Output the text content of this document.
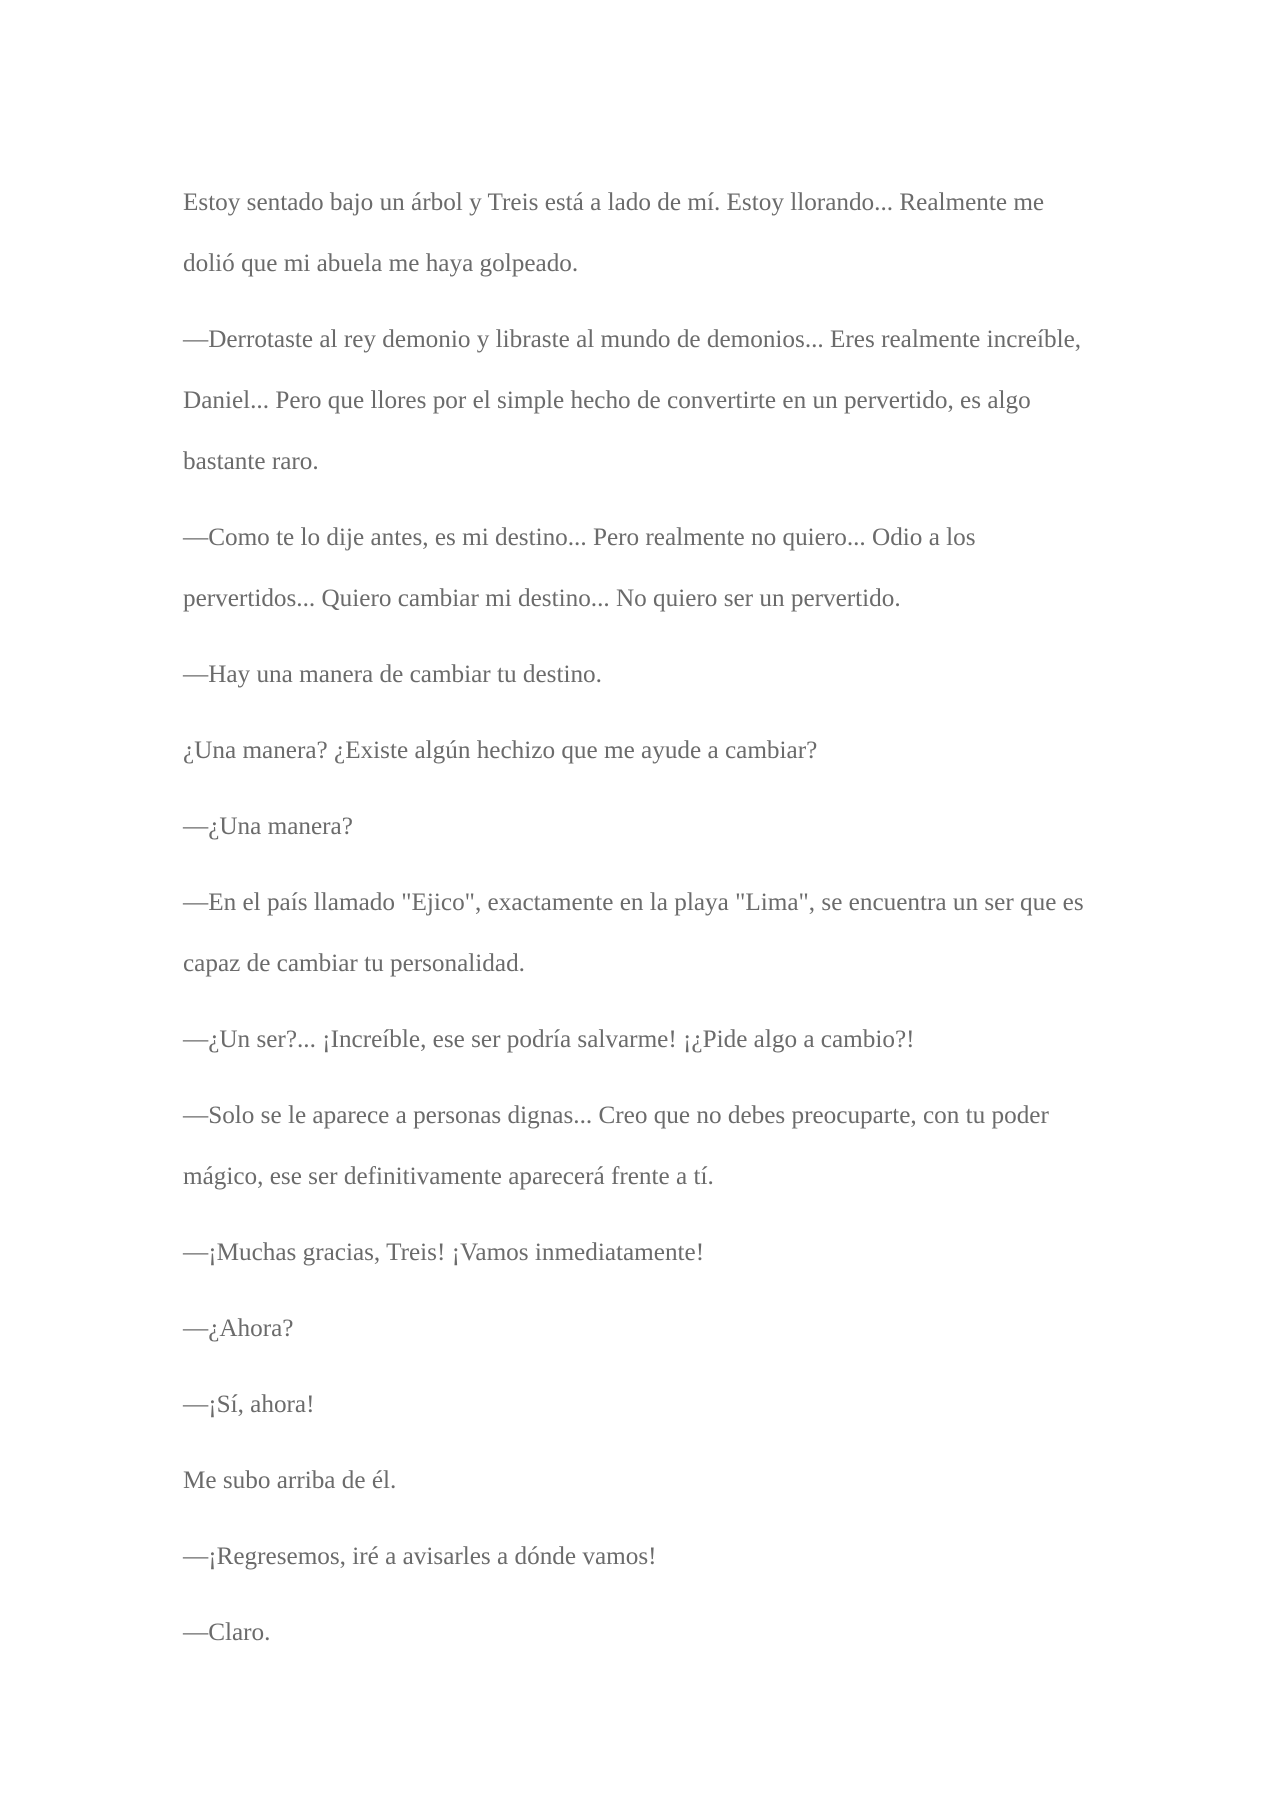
Estoy sentado bajo un árbol y Treis está a lado de mí. Estoy llorando... Realmente me dolió que mi abuela me haya golpeado.

—Derrotaste al rey demonio y libraste al mundo de demonios... Eres realmente increíble, Daniel... Pero que llores por el simple hecho de convertirte en un pervertido, es algo bastante raro.

—Como te lo dije antes, es mi destino... Pero realmente no quiero... Odio a los pervertidos... Quiero cambiar mi destino... No quiero ser un pervertido.

—Hay una manera de cambiar tu destino.

¿Una manera? ¿Existe algún hechizo que me ayude a cambiar?

—¿Una manera?

—En el país llamado "Ejico", exactamente en la playa "Lima", se encuentra un ser que es capaz de cambiar tu personalidad.

—¿Un ser?... ¡Increíble, ese ser podría salvarme! ¡¿Pide algo a cambio?!

—Solo se le aparece a personas dignas... Creo que no debes preocuparte, con tu poder mágico, ese ser definitivamente aparecerá frente a tí.

—¡Muchas gracias, Treis! ¡Vamos inmediatamente!

—¿Ahora?

—¡Sí, ahora!

Me subo arriba de él.

—¡Regresemos, iré a avisarles a dónde vamos!

—Claro.
